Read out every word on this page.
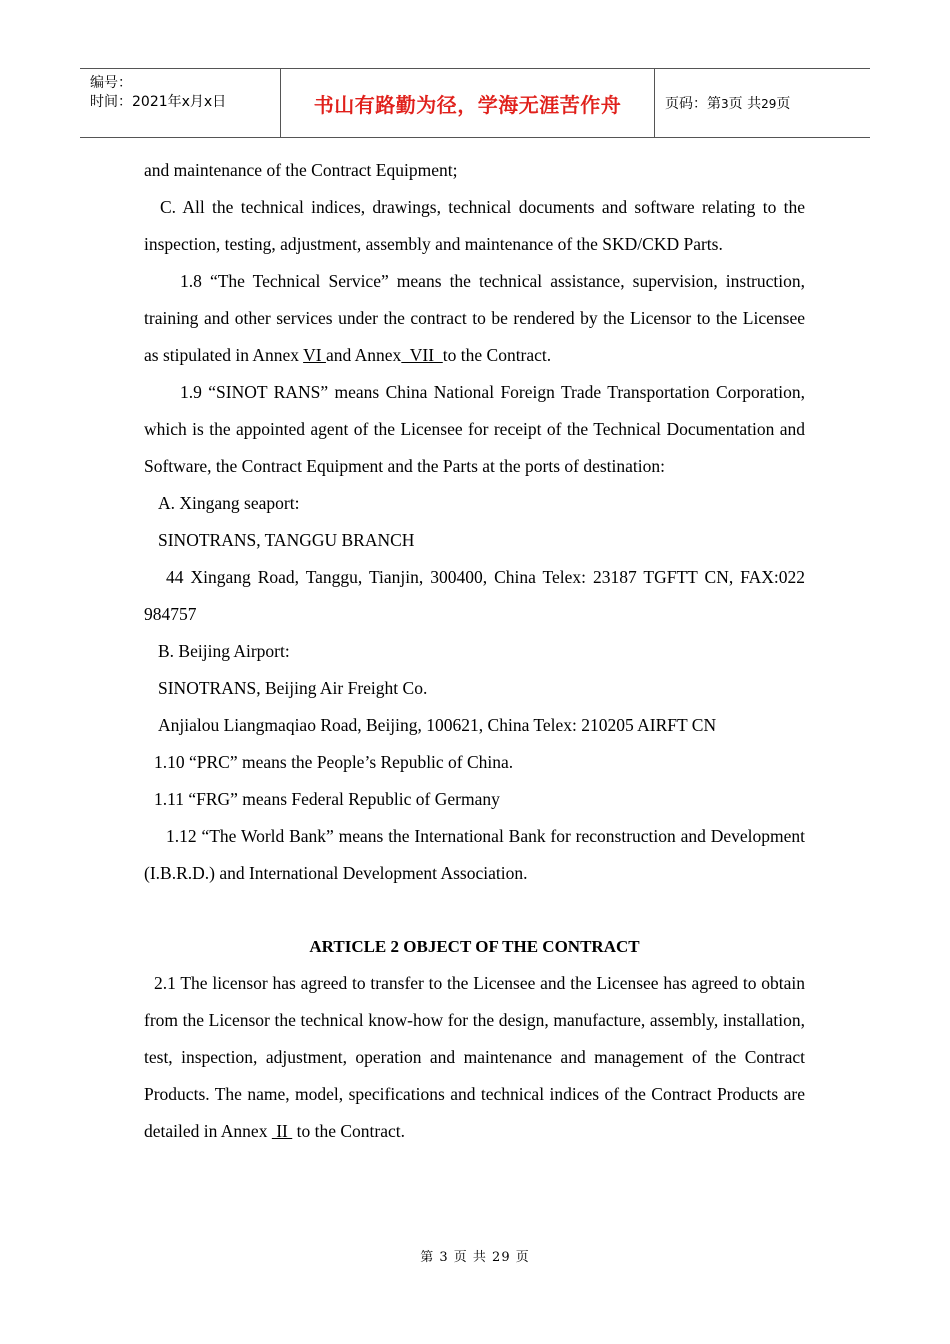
编号：
时间：2021年x月x日	书山有路勤为径，学海无涯苦作舟	页码：第3页 共29页

and maintenance of the Contract Equipment;

C. All the technical indices, drawings, technical documents and software relating to the inspection, testing, adjustment, assembly and maintenance of the SKD/CKD Parts.

1.8 “The Technical Service” means the technical assistance, supervision, instruction, training and other services under the contract to be rendered by the Licensor to the Licensee as stipulated in Annex VI and Annex  VII  to the Contract.

1.9 “SINOT RANS” means China National Foreign Trade Transportation Corporation, which is the appointed agent of the Licensee for receipt of the Technical Documentation and Software, the Contract Equipment and the Parts at the ports of destination:

A. Xingang seaport:

SINOTRANS, TANGGU BRANCH

44 Xingang Road, Tanggu, Tianjin, 300400, China Telex: 23187 TGFTT CN, FAX:022 984757

B. Beijing Airport:

SINOTRANS, Beijing Air Freight Co.

Anjialou Liangmaqiao Road, Beijing, 100621, China Telex: 210205 AIRFT CN

1.10 “PRC” means the People’s Republic of China.

1.11 “FRG” means Federal Republic of Germany

1.12 “The World Bank” means the International Bank for reconstruction and Development (I.B.R.D.) and International Development Association.

ARTICLE 2 OBJECT OF THE CONTRACT

2.1 The licensor has agreed to transfer to the Licensee and the Licensee has agreed to obtain from the Licensor the technical know-how for the design, manufacture, assembly, installation, test, inspection, adjustment, operation and maintenance and management of the Contract Products. The name, model, specifications and technical indices of the Contract Products are detailed in Annex  II  to the Contract.

第 3 页 共 29 页
